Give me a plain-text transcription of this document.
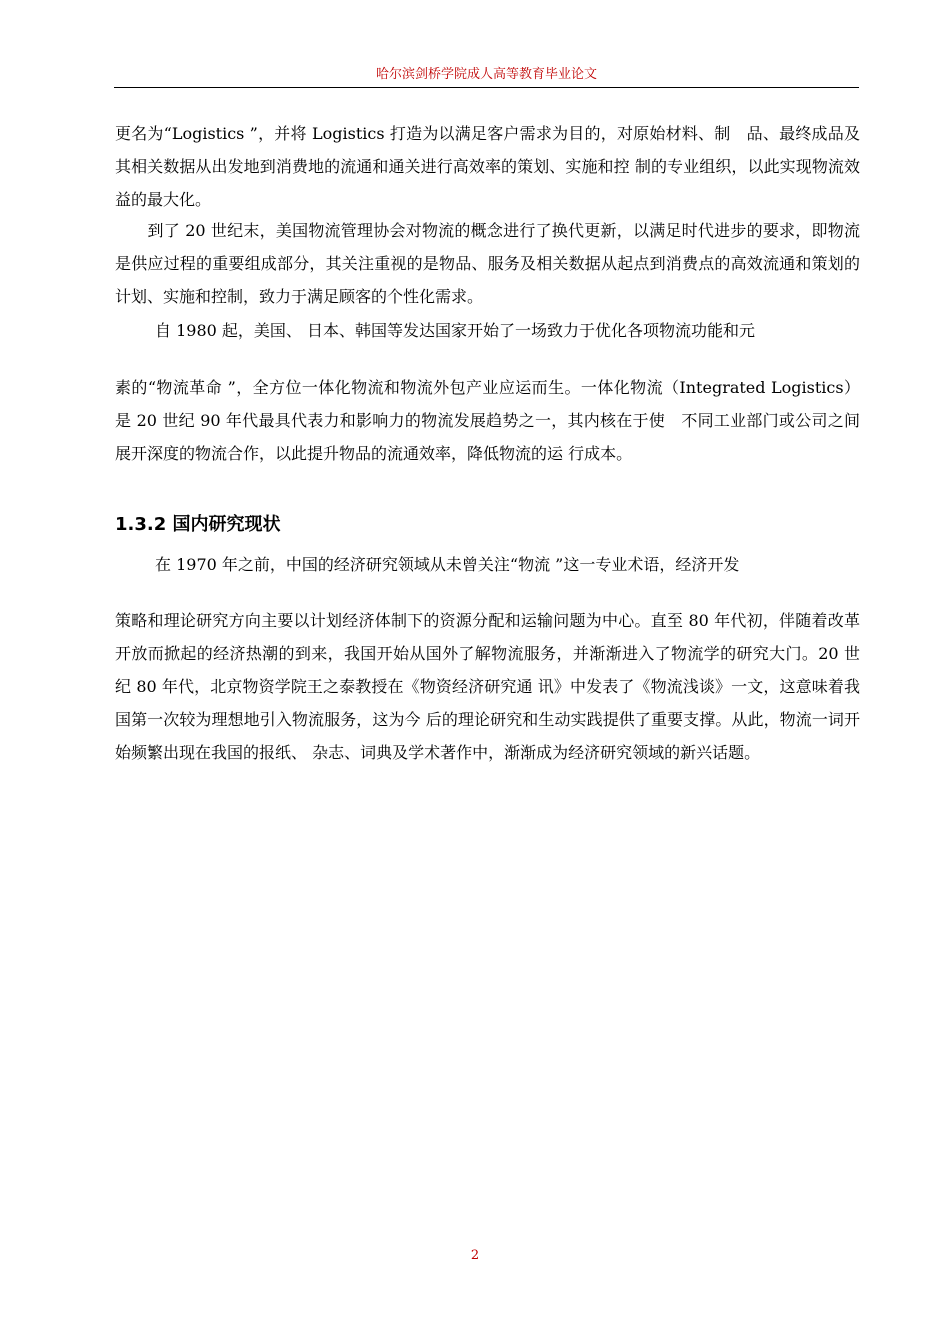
哈尔滨剑桥学院成人高等教育毕业论文

更名为“Logistics ”，并将 Logistics 打造为以满足客户需求为目的，对原始材料、制　品、最终成品及其相关数据从出发地到消费地的流通和通关进行高效率的策划、实施和控 制的专业组织，以此实现物流效益的最大化。

　　到了 20 世纪末，美国物流管理协会对物流的概念进行了换代更新，以满足时代进步的要求，即物流是供应过程的重要组成部分，其关注重视的是物品、服务及相关数据从起点到消费点的高效流通和策划的计划、实施和控制，致力于满足顾客的个性化需求。

自 1980 起，美国、 日本、韩国等发达国家开始了一场致力于优化各项物流功能和元

素的“物流革命 ”，全方位一体化物流和物流外包产业应运而生。一体化物流（Integrated Logistics）是 20 世纪 90 年代最具代表力和影响力的物流发展趋势之一，其内核在于使　不同工业部门或公司之间展开深度的物流合作，以此提升物品的流通效率，降低物流的运 行成本。

1.3.2 国内研究现状

在 1970 年之前，中国的经济研究领域从未曾关注“物流 ”这一专业术语，经济开发

策略和理论研究方向主要以计划经济体制下的资源分配和运输问题为中心。直至 80 年代初，伴随着改革开放而掀起的经济热潮的到来，我国开始从国外了解物流服务，并渐渐进入了物流学的研究大门。20 世纪 80 年代，北京物资学院王之泰教授在《物资经济研究通 讯》中发表了《物流浅谈》一文，这意味着我国第一次较为理想地引入物流服务，这为今 后的理论研究和生动实践提供了重要支撑。从此，物流一词开始频繁出现在我国的报纸、 杂志、词典及学术著作中，渐渐成为经济研究领域的新兴话题。

2
